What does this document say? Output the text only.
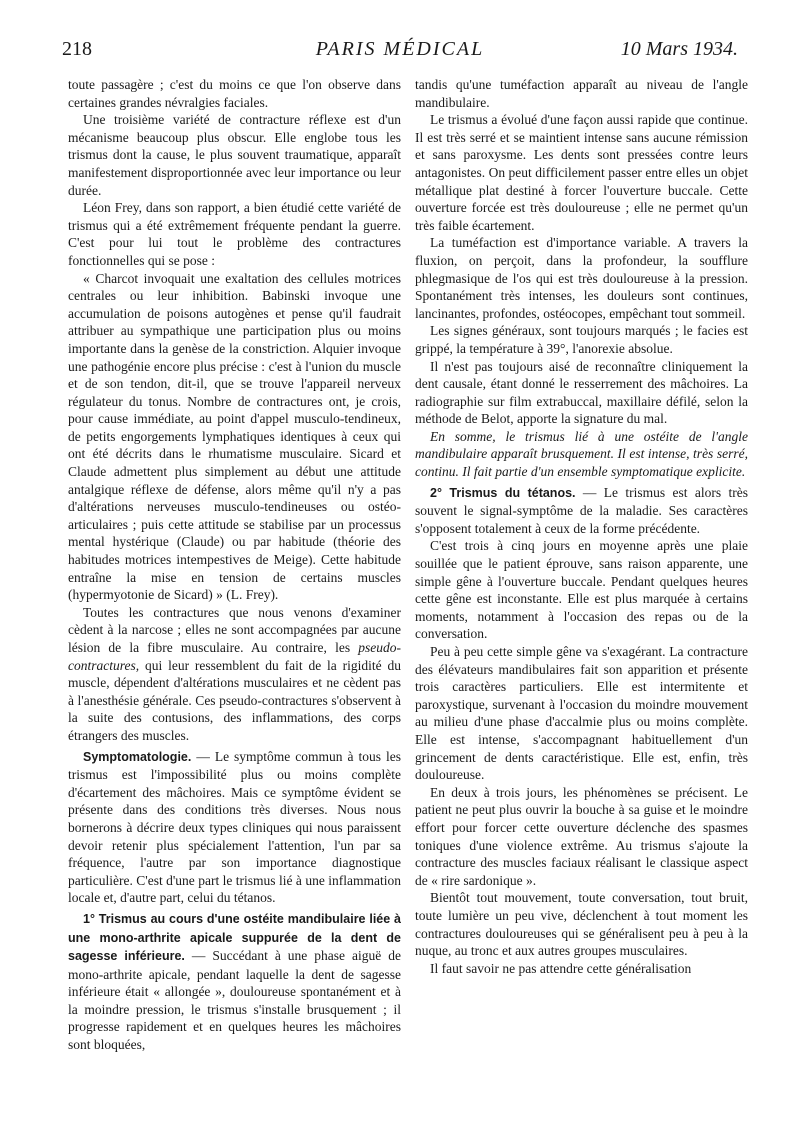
218	PARIS MÉDICAL	10 Mars 1934.

toute passagère ; c'est du moins ce que l'on observe dans certaines grandes névralgies faciales.

Une troisième variété de contracture réflexe est d'un mécanisme beaucoup plus obscur. Elle englobe tous les trismus dont la cause, le plus souvent traumatique, apparaît manifestement disproportionnée avec leur importance ou leur durée.

Léon Frey, dans son rapport, a bien étudié cette variété de trismus qui a été extrêmement fréquente pendant la guerre. C'est pour lui tout le problème des contractures fonctionnelles qui se pose :

« Charcot invoquait une exaltation des cellules motrices centrales ou leur inhibition. Babinski invoque une accumulation de poisons autogènes et pense qu'il faudrait attribuer au sympathique une participation plus ou moins importante dans la genèse de la constriction. Alquier invoque une pathogénie encore plus précise : c'est à l'union du muscle et de son tendon, dit-il, que se trouve l'appareil nerveux régulateur du tonus. Nombre de contractures ont, je crois, pour cause immédiate, au point d'appel musculo-tendineux, de petits engorgements lymphatiques identiques à ceux qui ont été décrits dans le rhumatisme musculaire. Sicard et Claude admettent plus simplement au début une attitude antalgique réflexe de défense, alors même qu'il n'y a pas d'altérations nerveuses musculo-tendineuses ou ostéo-articulaires ; puis cette attitude se stabilise par un processus mental hystérique (Claude) ou par habitude (théorie des habitudes motrices intempestives de Meige). Cette habitude entraîne la mise en tension de certains muscles (hypermyotonie de Sicard) » (L. Frey).

Toutes les contractures que nous venons d'examiner cèdent à la narcose ; elles ne sont accompagnées par aucune lésion de la fibre musculaire. Au contraire, les pseudo-contractures, qui leur ressemblent du fait de la rigidité du muscle, dépendent d'altérations musculaires et ne cèdent pas à l'anesthésie générale. Ces pseudo-contractures s'observent à la suite des contusions, des inflammations, des corps étrangers des muscles.

Symptomatologie. — Le symptôme commun à tous les trismus est l'impossibilité plus ou moins complète d'écartement des mâchoires. Mais ce symptôme évident se présente dans des conditions très diverses. Nous nous bornerons à décrire deux types cliniques qui nous paraissent devoir retenir plus spécialement l'attention, l'un par sa fréquence, l'autre par son importance diagnostique particulière. C'est d'une part le trismus lié à une inflammation locale et, d'autre part, celui du tétanos.

1° Trismus au cours d'une ostéite mandibulaire liée à une mono-arthrite apicale suppurée de la dent de sagesse inférieure. — Succédant à une phase aiguë de mono-arthrite apicale, pendant laquelle la dent de sagesse inférieure était « allongée », douloureuse spontanément et à la moindre pression, le trismus s'installe brusquement ; il progresse rapidement et en quelques heures les mâchoires sont bloquées,

tandis qu'une tuméfaction apparaît au niveau de l'angle mandibulaire.

Le trismus a évolué d'une façon aussi rapide que continue. Il est très serré et se maintient intense sans aucune rémission et sans paroxysme. Les dents sont pressées contre leurs antagonistes. On peut difficilement passer entre elles un objet métallique plat destiné à forcer l'ouverture buccale. Cette ouverture forcée est très douloureuse ; elle ne permet qu'un très faible écartement.

La tuméfaction est d'importance variable. A travers la fluxion, on perçoit, dans la profondeur, la soufflure phlegmasique de l'os qui est très douloureuse à la pression. Spontanément très intenses, les douleurs sont continues, lancinantes, profondes, ostéocopes, empêchant tout sommeil.

Les signes généraux, sont toujours marqués ; le facies est grippé, la température à 39°, l'anorexie absolue.

Il n'est pas toujours aisé de reconnaître cliniquement la dent causale, étant donné le resserrement des mâchoires. La radiographie sur film extrabuccal, maxillaire défilé, selon la méthode de Belot, apporte la signature du mal.

En somme, le trismus lié à une ostéite de l'angle mandibulaire apparaît brusquement. Il est intense, très serré, continu. Il fait partie d'un ensemble symptomatique explicite.

2° Trismus du tétanos. — Le trismus est alors très souvent le signal-symptôme de la maladie. Ses caractères s'opposent totalement à ceux de la forme précédente.

C'est trois à cinq jours en moyenne après une plaie souillée que le patient éprouve, sans raison apparente, une simple gêne à l'ouverture buccale. Pendant quelques heures cette gêne est inconstante. Elle est plus marquée à certains moments, notamment à l'occasion des repas ou de la conversation.

Peu à peu cette simple gêne va s'exagérant. La contracture des élévateurs mandibulaires fait son apparition et présente trois caractères particuliers. Elle est intermitente et paroxystique, survenant à l'occasion du moindre mouvement au milieu d'une phase d'accalmie plus ou moins complète. Elle est intense, s'accompagnant habituellement d'un grincement de dents caractéristique. Elle est, enfin, très douloureuse.

En deux à trois jours, les phénomènes se précisent. Le patient ne peut plus ouvrir la bouche à sa guise et le moindre effort pour forcer cette ouverture déclenche des spasmes toniques d'une violence extrême. Au trismus s'ajoute la contracture des muscles faciaux réalisant le classique aspect de « rire sardonique ».

Bientôt tout mouvement, toute conversation, tout bruit, toute lumière un peu vive, déclenchent à tout moment les contractures douloureuses qui se généralisent peu à peu à la nuque, au tronc et aux autres groupes musculaires.

Il faut savoir ne pas attendre cette généralisation
